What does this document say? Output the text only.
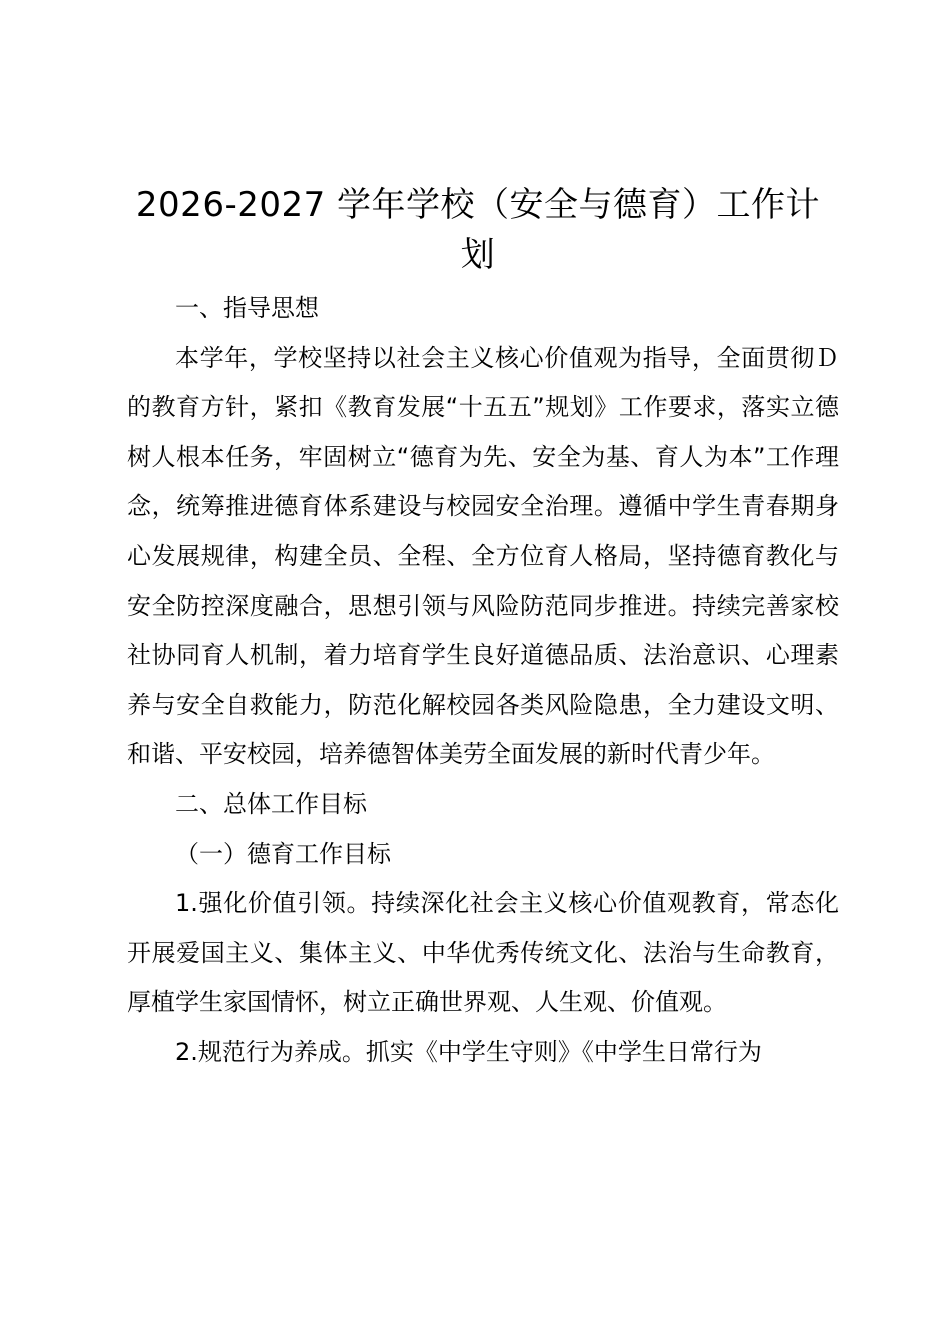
2026-2027 学年学校（安全与德育）工作计划

一、指导思想

本学年，学校坚持以社会主义核心价值观为指导，全面贯彻Ｄ的教育方针，紧扣《教育发展“十五五”规划》工作要求，落实立德树人根本任务，牢固树立“德育为先、安全为基、育人为本”工作理念，统筹推进德育体系建设与校园安全治理。遵循中学生青春期身心发展规律，构建全员、全程、全方位育人格局，坚持德育教化与安全防控深度融合，思想引领与风险防范同步推进。持续完善家校社协同育人机制，着力培育学生良好道德品质、法治意识、心理素养与安全自救能力，防范化解校园各类风险隐患，全力建设文明、和谐、平安校园，培养德智体美劳全面发展的新时代青少年。

二、总体工作目标

（一）德育工作目标

1.强化价值引领。持续深化社会主义核心价值观教育，常态化开展爱国主义、集体主义、中华优秀传统文化、法治与生命教育，厚植学生家国情怀，树立正确世界观、人生观、价值观。

2.规范行为养成。抓实《中学生守则》《中学生日常行为
